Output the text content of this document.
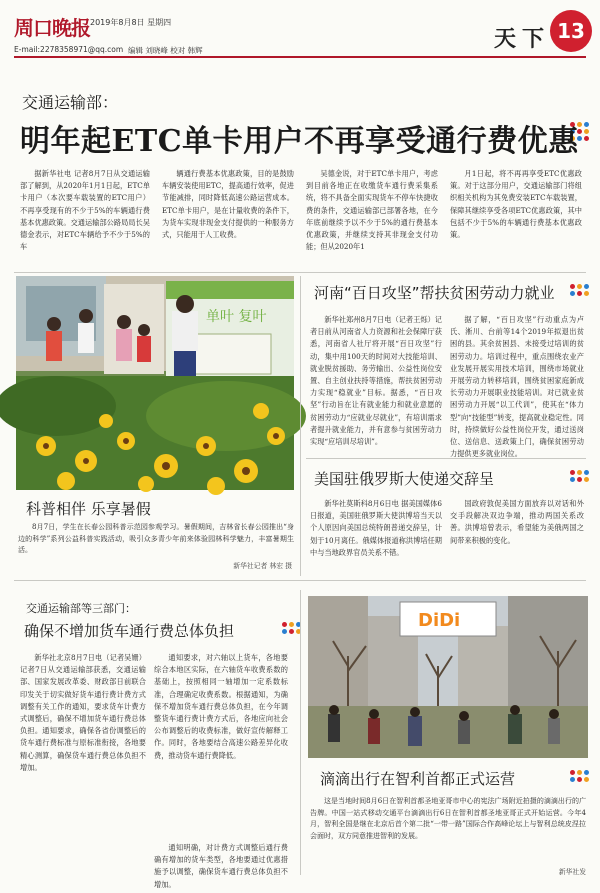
周口晚报 2019年8月8日 星期四
E-mail:2278358971@qq.com 编辑 刘晓峰 校对 韩辉	天下 13
交通运输部：
明年起ETC单卡用户不再享受通行费优惠
据新华社电 记者8月7日从交通运输部了解到，从2020年1月1日起，ETC单卡用户（本次要车载装置的ETC用户）不再享受现有的不少于5%的车辆通行费基本优惠政策。交通运输部公路局局长吴德金表示，对ETC车辆给予不少于5%的车
辆通行费基本优惠政策，目的是鼓励车辆安装使用ETC，提高通行效率，促进节能减排，同时降低高速公路运营成本。ETC单卡用户，是在计量收费的条件下，为货车实现非现金支付提供的一种服务方式，只能用于人工收费。
吴德金说，对于ETC单卡用户，考虑到目前各地正在收缴货车通行费采集系统，将不具备全面实现货车不停车快捷收费的条件，交通运输部已部署各地，在今年底前继续予以不少于5%的通行费基本优惠政策，并继续支持其非现金支付功能；但从2020年1
月1日起，将不再再享受ETC优惠政策。对于这部分用户，交通运输部门将组织相关机构为其免费安装ETC车载装置，保障其继续享受各项ETC优惠政策，其中包括不少于5%的车辆通行费基本优惠政策。
单叶 复叶
科普相伴 乐享暑假
8月7日，学生在长春公园科普示范园参观学习。暑假期间，吉林省长春公园推出“身边的科学”系列公益科普实践活动，吸引众多青少年前来体验园林科学魅力，丰富暑期生活。
新华社记者 林宏 摄
河南“百日攻坚”帮扶贫困劳动力就业
新华社郑州8月7日电（记者王烁）记者日前从河南省人力资源和社会保障厅获悉，河南省人社厅将开展“百日攻坚”行动，集中用100天的时间对大技能培训、就业脱贫援助、务劳输出、公益性岗位安置、自主创业扶持等措施，帮扶贫困劳动力实现“稳就业”目标。据悉，“百日攻坚”行动旨在让有就业能力和就业意愿的贫困劳动力“应就业尽就业”，有培训需求者提升就业能力，并有意参与贫困劳动力实现“应培训尽培训”。
据了解，“百日攻坚”行动重点为卢氏、淅川、台前等14个2019年拟退出贫困的县。其余贫困县、未接受过培训的贫困劳动力。培训过程中，重点围绕农业产业发展开展实用技术培训，围绕市场就业开展劳动力转移培训，围绕贫困家庭新成长劳动力开展职业技能培训。对已就业贫困劳动力开展“以工代训”，使其在“体力型”向“技能型”转变，提高就业稳定性。同时，持续做好公益性岗位开发，通过送岗位、送信息、送政策上门，确保贫困劳动力提供更多就业岗位。
美国驻俄罗斯大使递交辞呈
新华社莫斯科8月6日电 据美国媒体6日报道，美国驻俄罗斯大使洪博培当天以个人原因向美国总统特朗普递交辞呈，计划于10月离任。俄媒体报道称洪博培任期中与当地政界官员关系不错。
国政府敦促美国方面放弃以对话和外交手段解决双边争端，推动两国关系改善。洪博培曾表示，希望能为美俄两国之间带来积极的变化。
交通运输部等三部门：
确保不增加货车通行费总体负担
新华社北京8月7日电（记者吴姗）记者7日从交通运输部获悉，交通运输部、国家发展改革委、财政部日前联合印发关于切实做好货车通行费计费方式调整有关工作的通知，要求货车计费方式调整后，确保不增加货车通行费总体负担。通知要求，确保各省份调整后的货车通行费标准与原标准衔接，各地要精心测算，确保货车通行费总体负担不增加。
通知要求，对六轴以上货车，各地要综合本地区实际，在六轴货车收费系数的基础上，按照相同一轴增加一定系数标准，合理确定收费系数。根据通知，为确保不增加货车通行费总体负担，在今年调整货车通行费计费方式后，各地应向社会公布调整后的收费标准，做好宣传解释工作。同时，各地要结合高速公路差异化收费，推动货车通行费降低。
通知明确，对计费方式调整后通行费确有增加的货车类型，各地要通过优惠措施予以调整，确保货车通行费总体负担不增加。
DiDi
滴滴出行在智利首都正式运营
这是当地时间8月6日在智利首都圣地亚哥市中心的宪法广场附近拍摄的滴滴出行的广告牌。中国一站式移动交通平台滴滴出行6日在智利首都圣地亚哥正式开始运营。今年4月，智利全国是继在北京后首个第二批“一带一路”国际合作高峰论坛上与智利总统皮涅拉会面时，双方同意推进智利的发展。
新华社发
